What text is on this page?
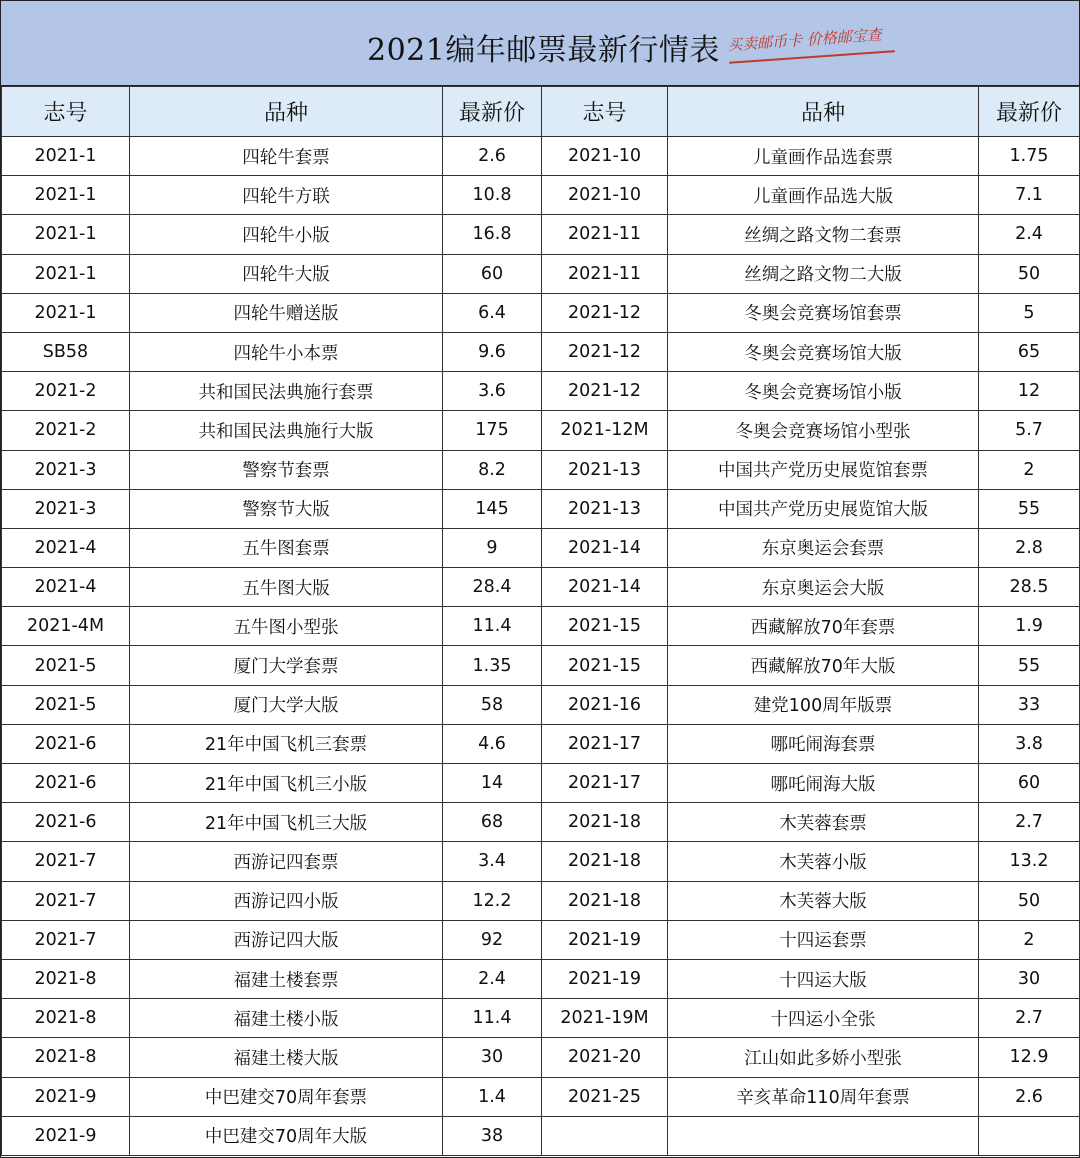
2021编年邮票最新行情表 买卖邮币卡 价格邮宝查
志号	品种	最新价	志号	品种	最新价
2021-1	四轮牛套票	2.6	2021-10	儿童画作品选套票	1.75
2021-1	四轮牛方联	10.8	2021-10	儿童画作品选大版	7.1
2021-1	四轮牛小版	16.8	2021-11	丝绸之路文物二套票	2.4
2021-1	四轮牛大版	60	2021-11	丝绸之路文物二大版	50
2021-1	四轮牛赠送版	6.4	2021-12	冬奥会竞赛场馆套票	5
SB58	四轮牛小本票	9.6	2021-12	冬奥会竞赛场馆大版	65
2021-2	共和国民法典施行套票	3.6	2021-12	冬奥会竞赛场馆小版	12
2021-2	共和国民法典施行大版	175	2021-12M	冬奥会竞赛场馆小型张	5.7
2021-3	警察节套票	8.2	2021-13	中国共产党历史展览馆套票	2
2021-3	警察节大版	145	2021-13	中国共产党历史展览馆大版	55
2021-4	五牛图套票	9	2021-14	东京奥运会套票	2.8
2021-4	五牛图大版	28.4	2021-14	东京奥运会大版	28.5
2021-4M	五牛图小型张	11.4	2021-15	西藏解放70年套票	1.9
2021-5	厦门大学套票	1.35	2021-15	西藏解放70年大版	55
2021-5	厦门大学大版	58	2021-16	建党100周年版票	33
2021-6	21年中国飞机三套票	4.6	2021-17	哪吒闹海套票	3.8
2021-6	21年中国飞机三小版	14	2021-17	哪吒闹海大版	60
2021-6	21年中国飞机三大版	68	2021-18	木芙蓉套票	2.7
2021-7	西游记四套票	3.4	2021-18	木芙蓉小版	13.2
2021-7	西游记四小版	12.2	2021-18	木芙蓉大版	50
2021-7	西游记四大版	92	2021-19	十四运套票	2
2021-8	福建土楼套票	2.4	2021-19	十四运大版	30
2021-8	福建土楼小版	11.4	2021-19M	十四运小全张	2.7
2021-8	福建土楼大版	30	2021-20	江山如此多娇小型张	12.9
2021-9	中巴建交70周年套票	1.4	2021-25	辛亥革命110周年套票	2.6
2021-9	中巴建交70周年大版	38			
